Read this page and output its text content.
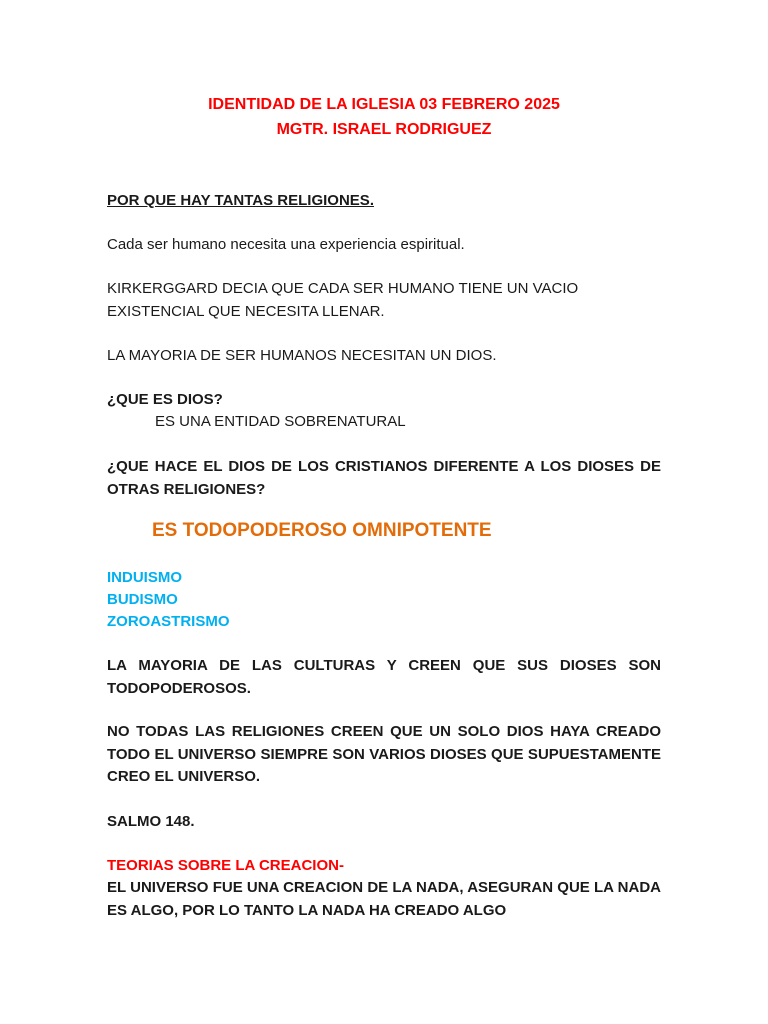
IDENTIDAD DE LA IGLESIA 03 FEBRERO 2025
MGTR. ISRAEL RODRIGUEZ
POR QUE HAY TANTAS RELIGIONES.
Cada ser humano necesita una experiencia espiritual.
KIRKERGGARD DECIA QUE CADA SER HUMANO TIENE UN VACIO EXISTENCIAL QUE NECESITA LLENAR.
LA MAYORIA DE SER HUMANOS NECESITAN UN DIOS.
¿QUE ES DIOS?
ES UNA ENTIDAD SOBRENATURAL
¿QUE HACE EL DIOS DE LOS CRISTIANOS DIFERENTE A LOS DIOSES DE OTRAS RELIGIONES?
ES TODOPODEROSO OMNIPOTENTE
INDUISMO
BUDISMO
ZOROASTRISMO
LA MAYORIA DE LAS CULTURAS Y CREEN QUE SUS DIOSES SON TODOPODEROSOS.
NO TODAS LAS RELIGIONES CREEN QUE UN SOLO DIOS HAYA CREADO TODO EL UNIVERSO SIEMPRE SON VARIOS DIOSES QUE SUPUESTAMENTE CREO EL UNIVERSO.
SALMO 148.
TEORIAS SOBRE LA CREACION-
EL UNIVERSO FUE UNA CREACION DE LA NADA, ASEGURAN QUE LA NADA ES ALGO, POR LO TANTO LA NADA HA CREADO ALGO
